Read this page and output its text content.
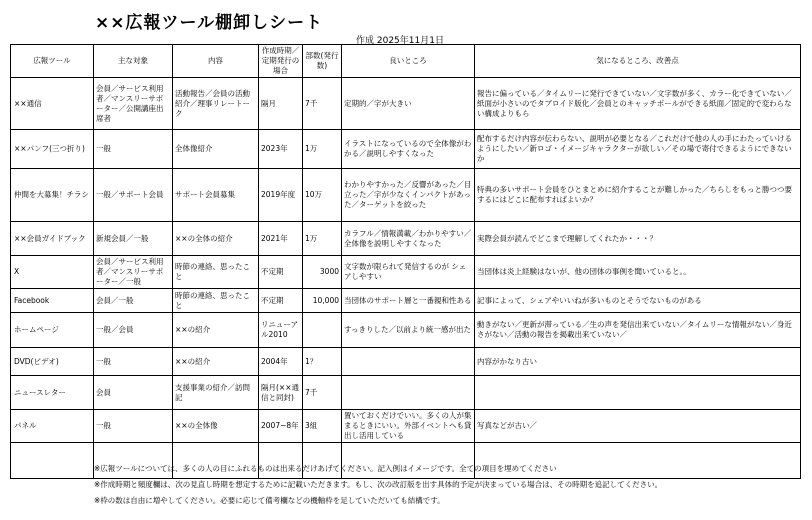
××広報ツール棚卸しシート
作成 2025年11月1日
広報ツール	主な対象	内容	作成時期／定期発行の場合	部数(発行数)	良いところ	気になるところ、改善点
××通信	会員／サービス利用者／マンスリーサポーター／公開講座出席者	活動報告／会員の活動紹介／理事リレートーク	隔月	7千	定期的／字が大きい	報告に偏っている／タイムリーに発行できていない／文字数が多く、カラー化できていない／紙面が小さいのでタブロイド版化／会員とのキャッチボールができる紙面／固定的で変わらない構成よりもら
××パンフ(三つ折り)	一般	全体像紹介	2023年	1万	イラストになっているので全体像がわかる／説明しやすくなった	配布するだけ内容が伝わらない、説明が必要となる／これだけで他の人の手にわたっていけるようにしたい／新ロゴ・イメージキャラクターが欲しい／その場で寄付できるようにできないか
仲間を大募集！チラシ	一般／サポート会員	サポート会員募集	2019年度	10万	わかりやすかった／反響があった／目立った／字が少なくインパクトがあった／ターゲットを絞った	特典の多いサポート会員をひとまとめに紹介することが難しかった／ちらしをもっと勝つつ要するにはどこに配布すればよいか？
××会員ガイドブック	新規会員／一般	××の全体の紹介	2021年	1万	カラフル／情報満載／わかりやすい／全体像を説明しやすくなった	実際会員が読んでどこまで理解してくれたか・・・？
X	会員／サービス利用者／マンスリーサポーター／一般	時節の連絡、思ったこと	不定期	3000	文字数が限られて発信するのが シェアしやすい	当団体は炎上経験はないが、他の団体の事例を聞いていると。。
Facebook	会員／一般	時節の連絡、思ったこと	不定期	10,000	当団体のサポート層と一番親和性ある	記事によって、シェアやいいねが多いものとそうでないものがある
ホームページ	一般／会員	××の紹介	リニューアル2010		すっきりした／以前より統一感が出た	動きがない／更新が滞っている／生の声を発信出来ていない／タイムリーな情報がない／身近さがない／活動の報告を掲載出来ていない／
DVD(ビデオ)	一般	××の紹介	2004年	1？		内容がかなり古い
ニュースレター	会員	支援事業の紹介／訪問記	隔月(××通信と同封)	7千		
パネル	一般	××の全体像	2007~8年	3組	置いておくだけでいい。多くの人が集まるときにいい。外部イベントへも貸出し活用している	写真などが古い／

※広報ツールについては、多くの人の目にふれるものは出来るだけあげてください。記入例はイメージです。全ての項目を埋めてください
※作成時期と頻度欄は、次の見直し時期を想定するために記載いただきます。もし、次の改訂版を出す具体的予定が決まっている場合は、その時期を追記してください。
※枠の数は自由に増やしてください。必要に応じて備考欄などの機軸枠を足していただいても結構です。
